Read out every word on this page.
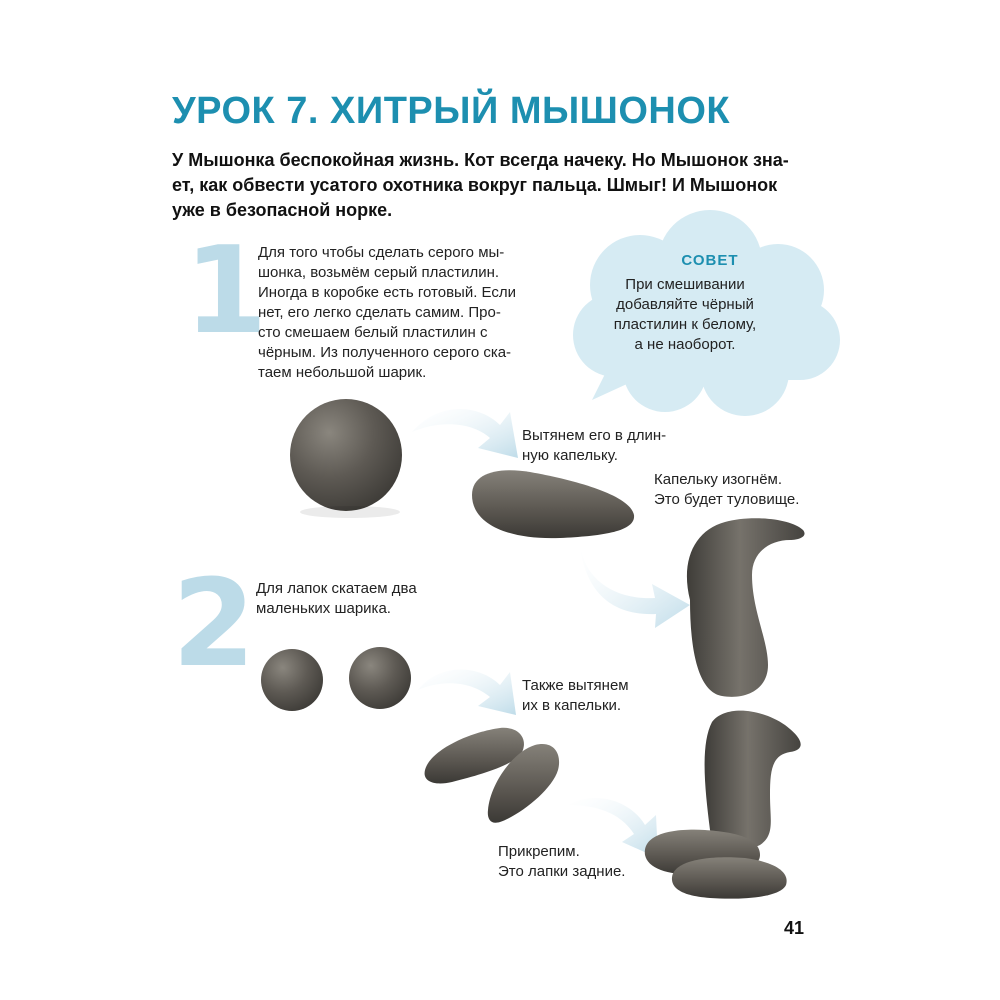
УРОК 7. ХИТРЫЙ МЫШОНОК
У Мышонка беспокойная жизнь. Кот всегда начеку. Но Мышонок зна-
ет, как обвести усатого охотника вокруг пальца. Шмыг! И Мышонок
уже в безопасной норке.
1
Для того чтобы сделать серого мы-
шонка, возьмём серый пластилин.
Иногда в коробке есть готовый. Если
нет, его легко сделать самим. Про-
сто смешаем белый пластилин с
чёрным. Из полученного серого ска-
таем небольшой шарик.
СОВЕТ
При смешивании
добавляйте чёрный
пластилин к белому,
а не наоборот.
Вытянем его в длин-
ную капельку.
Капельку изогнём.
Это будет туловище.
2 Для лапок скатаем два
маленьких шарика.
Также вытянем
их в капельки.
Прикрепим.
Это лапки задние.
41
